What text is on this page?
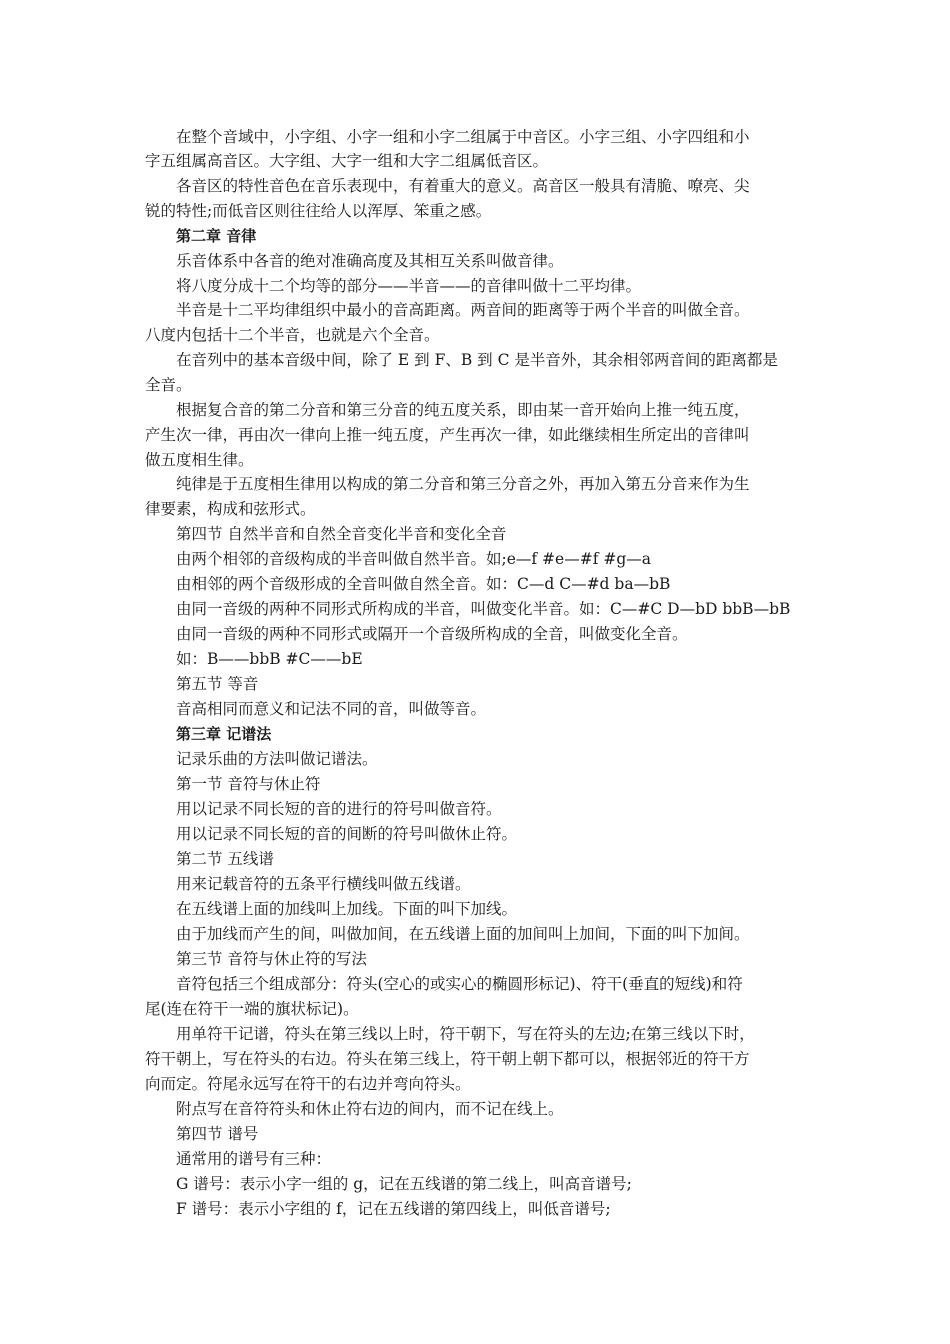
在整个音域中，小字组、小字一组和小字二组属于中音区。小字三组、小字四组和小
字五组属高音区。大字组、大字一组和大字二组属低音区。
各音区的特性音色在音乐表现中，有着重大的意义。高音区一般具有清脆、嘹亮、尖
锐的特性;而低音区则往往给人以浑厚、笨重之感。
第二章 音律
乐音体系中各音的绝对准确高度及其相互关系叫做音律。
将八度分成十二个均等的部分——半音——的音律叫做十二平均律。
半音是十二平均律组织中最小的音高距离。两音间的距离等于两个半音的叫做全音。
八度内包括十二个半音，也就是六个全音。
在音列中的基本音级中间，除了 E 到 F、B 到 C 是半音外，其余相邻两音间的距离都是
全音。
根据复合音的第二分音和第三分音的纯五度关系，即由某一音开始向上推一纯五度，
产生次一律，再由次一律向上推一纯五度，产生再次一律，如此继续相生所定出的音律叫
做五度相生律。
纯律是于五度相生律用以构成的第二分音和第三分音之外，再加入第五分音来作为生
律要素，构成和弦形式。
第四节 自然半音和自然全音变化半音和变化全音
由两个相邻的音级构成的半音叫做自然半音。如;e—f #e—#f #g—a
由相邻的两个音级形成的全音叫做自然全音。如：C—d C—#d ba—bB
由同一音级的两种不同形式所构成的半音，叫做变化半音。如：C—#C D—bD bbB—bB
由同一音级的两种不同形式或隔开一个音级所构成的全音，叫做变化全音。
如：B——bbB #C——bE
第五节 等音
音高相同而意义和记法不同的音，叫做等音。
第三章 记谱法
记录乐曲的方法叫做记谱法。
第一节 音符与休止符
用以记录不同长短的音的进行的符号叫做音符。
用以记录不同长短的音的间断的符号叫做休止符。
第二节 五线谱
用来记载音符的五条平行横线叫做五线谱。
在五线谱上面的加线叫上加线。下面的叫下加线。
由于加线而产生的间，叫做加间，在五线谱上面的加间叫上加间，下面的叫下加间。
第三节 音符与休止符的写法
音符包括三个组成部分：符头(空心的或实心的椭圆形标记)、符干(垂直的短线)和符
尾(连在符干一端的旗状标记)。
用单符干记谱，符头在第三线以上时，符干朝下，写在符头的左边;在第三线以下时，
符干朝上，写在符头的右边。符头在第三线上，符干朝上朝下都可以，根据邻近的符干方
向而定。符尾永远写在符干的右边并弯向符头。
附点写在音符符头和休止符右边的间内，而不记在线上。
第四节 谱号
通常用的谱号有三种：
G 谱号：表示小字一组的 g，记在五线谱的第二线上，叫高音谱号;
F 谱号：表示小字组的 f，记在五线谱的第四线上，叫低音谱号;
